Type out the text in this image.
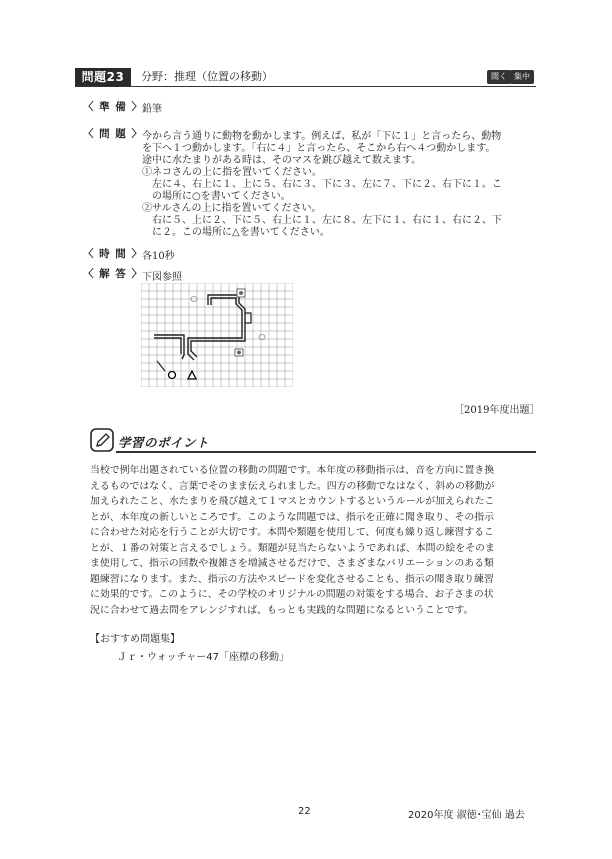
問題23	分野：推理（位置の移動）	聞く 集中
〈 準 備 〉 鉛筆
〈 問 題 〉 今から言う通りに動物を動かします。例えば、私が「下に１」と言ったら、動物
を下へ１つ動かします。「右に４」と言ったら、そこから右へ４つ動かします。
途中に水たまりがある時は、そのマスを跳び越えて数えます。
①ネコさんの上に指を置いてください。
　左に４、右上に１、上に５、右に３、下に３、左に７、下に２、右下に１。こ
　の場所に○を書いてください。
②サルさんの上に指を置いてください。
　右に５、上に２、下に５、右上に１、左に８、左下に１、右に１、右に２、下
　に２。この場所に△を書いてください。
〈 時 間 〉 各10秒
〈 解 答 〉 下図参照
［2019年度出題］
学習のポイント
当校で例年出題されている位置の移動の問題です。本年度の移動指示は、音を方向に置き換
えるものではなく、言葉でそのまま伝えられました。四方の移動でなはなく、斜めの移動が
加えられたこと、水たまりを飛び越えて１マスとカウントするというルールが加えられたこ
とが、本年度の新しいところです。このような問題では、指示を正確に聞き取り、その指示
に合わせた対応を行うことが大切です。本問や類題を使用して、何度も繰り返し練習するこ
とが、１番の対策と言えるでしょう。類題が見当たらないようであれば、本問の絵をそのま
ま使用して、指示の回数や複雑さを増減させるだけで、さまざまなバリエーションのある類
題練習になります。また、指示の方法やスピードを変化させることも、指示の聞き取り練習
に効果的です。このように、その学校のオリジナルの問題の対策をする場合、お子さまの状
況に合わせて過去問をアレンジすれば、もっとも実践的な問題になるということです。
【おすすめ問題集】
Ｊｒ・ウォッチャー47「座標の移動」
22	2020年度 淑徳･宝仙 過去
